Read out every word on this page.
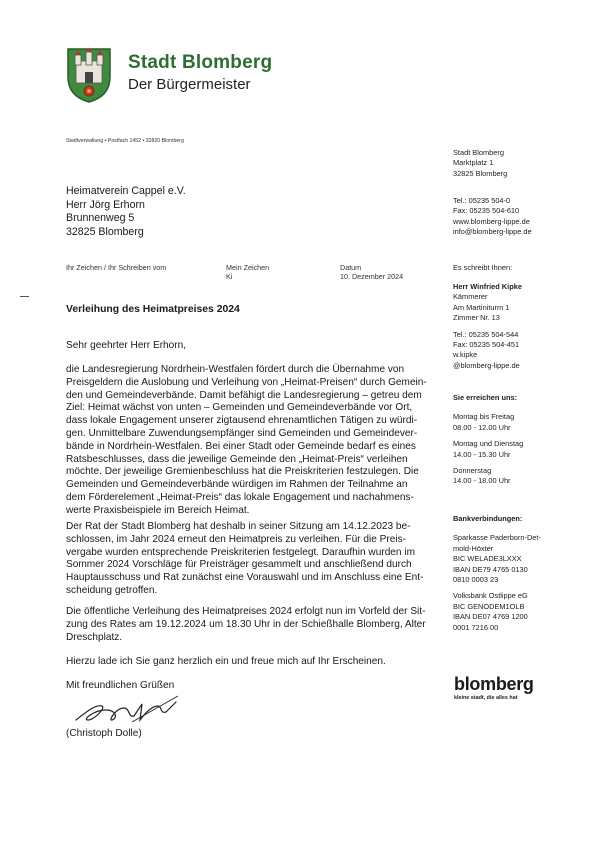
Stadt Blomberg
Der Bürgermeister
Stadtverwaltung • Postfach 1452 • 32820 Blomberg
Stadt Blomberg
Marktplatz 1
32825 Blomberg
Tel.: 05235 504-0
Fax: 05235 504-610
www.blomberg-lippe.de
info@blomberg-lippe.de
Es schreibt Ihnen:
Herr Winfried Kipke
Kämmerer
Am Martiniturm 1
Zimmer Nr. 13
Tel.: 05235 504-544
Fax: 05235 504-451
w.kipke
@blomberg-lippe.de
Sie erreichen uns:
Montag bis Freitag
08.00 - 12.00 Uhr
Montag und Dienstag
14.00 - 15.30 Uhr
Donnerstag
14.00 - 18.00 Uhr
Bankverbindungen:
Sparkasse Paderborn-Det-
mold-Höxter
BIC WELADE3LXXX
IBAN DE79 4765 0130
0810 0003 23
Volksbank Ostlippe eG
BIC GENODEM1OLB
IBAN DE07 4769 1200
0001 7216 00
Heimatverein Cappel e.V.
Herr Jörg Erhorn
Brunnenweg 5
32825 Blomberg
Ihr Zeichen / Ihr Schreiben vom	Mein Zeichen
Ki
Datum
10. Dezember 2024
Verleihung des Heimatpreises 2024
Sehr geehrter Herr Erhorn,
die Landesregierung Nordrhein-Westfalen fördert durch die Übernahme von
Preisgeldern die Auslobung und Verleihung von „Heimat-Preisen“ durch Gemein-
den und Gemeindeverbände. Damit befähigt die Landesregierung – getreu dem
Ziel: Heimat wächst von unten – Gemeinden und Gemeindeverbände vor Ort,
dass lokale Engagement unserer zigtausend ehrenamtlichen Tätigen zu würdi-
gen. Unmittelbare Zuwendungsempfänger sind Gemeinden und Gemeindever-
bände in Nordrhein-Westfalen. Bei einer Stadt oder Gemeinde bedarf es eines
Ratsbeschlusses, dass die jeweilige Gemeinde den „Heimat-Preis“ verleihen
möchte. Der jeweilige Gremienbeschluss hat die Preiskriterien festzulegen. Die
Gemeinden und Gemeindeverbände würdigen im Rahmen der Teilnahme an
dem Förderelement „Heimat-Preis“ das lokale Engagement und nachahmens-
werte Praxisbeispiele im Bereich Heimat.
Der Rat der Stadt Blomberg hat deshalb in seiner Sitzung am 14.12.2023 be-
schlossen, im Jahr 2024 erneut den Heimatpreis zu verleihen. Für die Preis-
vergabe wurden entsprechende Preiskriterien festgelegt. Daraufhin wurden im
Sommer 2024 Vorschläge für Preisträger gesammelt und anschließend durch
Hauptausschuss und Rat zunächst eine Vorauswahl und im Anschluss eine Ent-
scheidung getroffen.
Die öffentliche Verleihung des Heimatpreises 2024 erfolgt nun im Vorfeld der Sit-
zung des Rates am 19.12.2024 um 18.30 Uhr in der Schießhalle Blomberg, Alter
Dreschplatz.
Hierzu lade ich Sie ganz herzlich ein und freue mich auf Ihr Erscheinen.
Mit freundlichen Grüßen
(Christoph Dolle)
blomberg
kleine stadt, die alles hat
